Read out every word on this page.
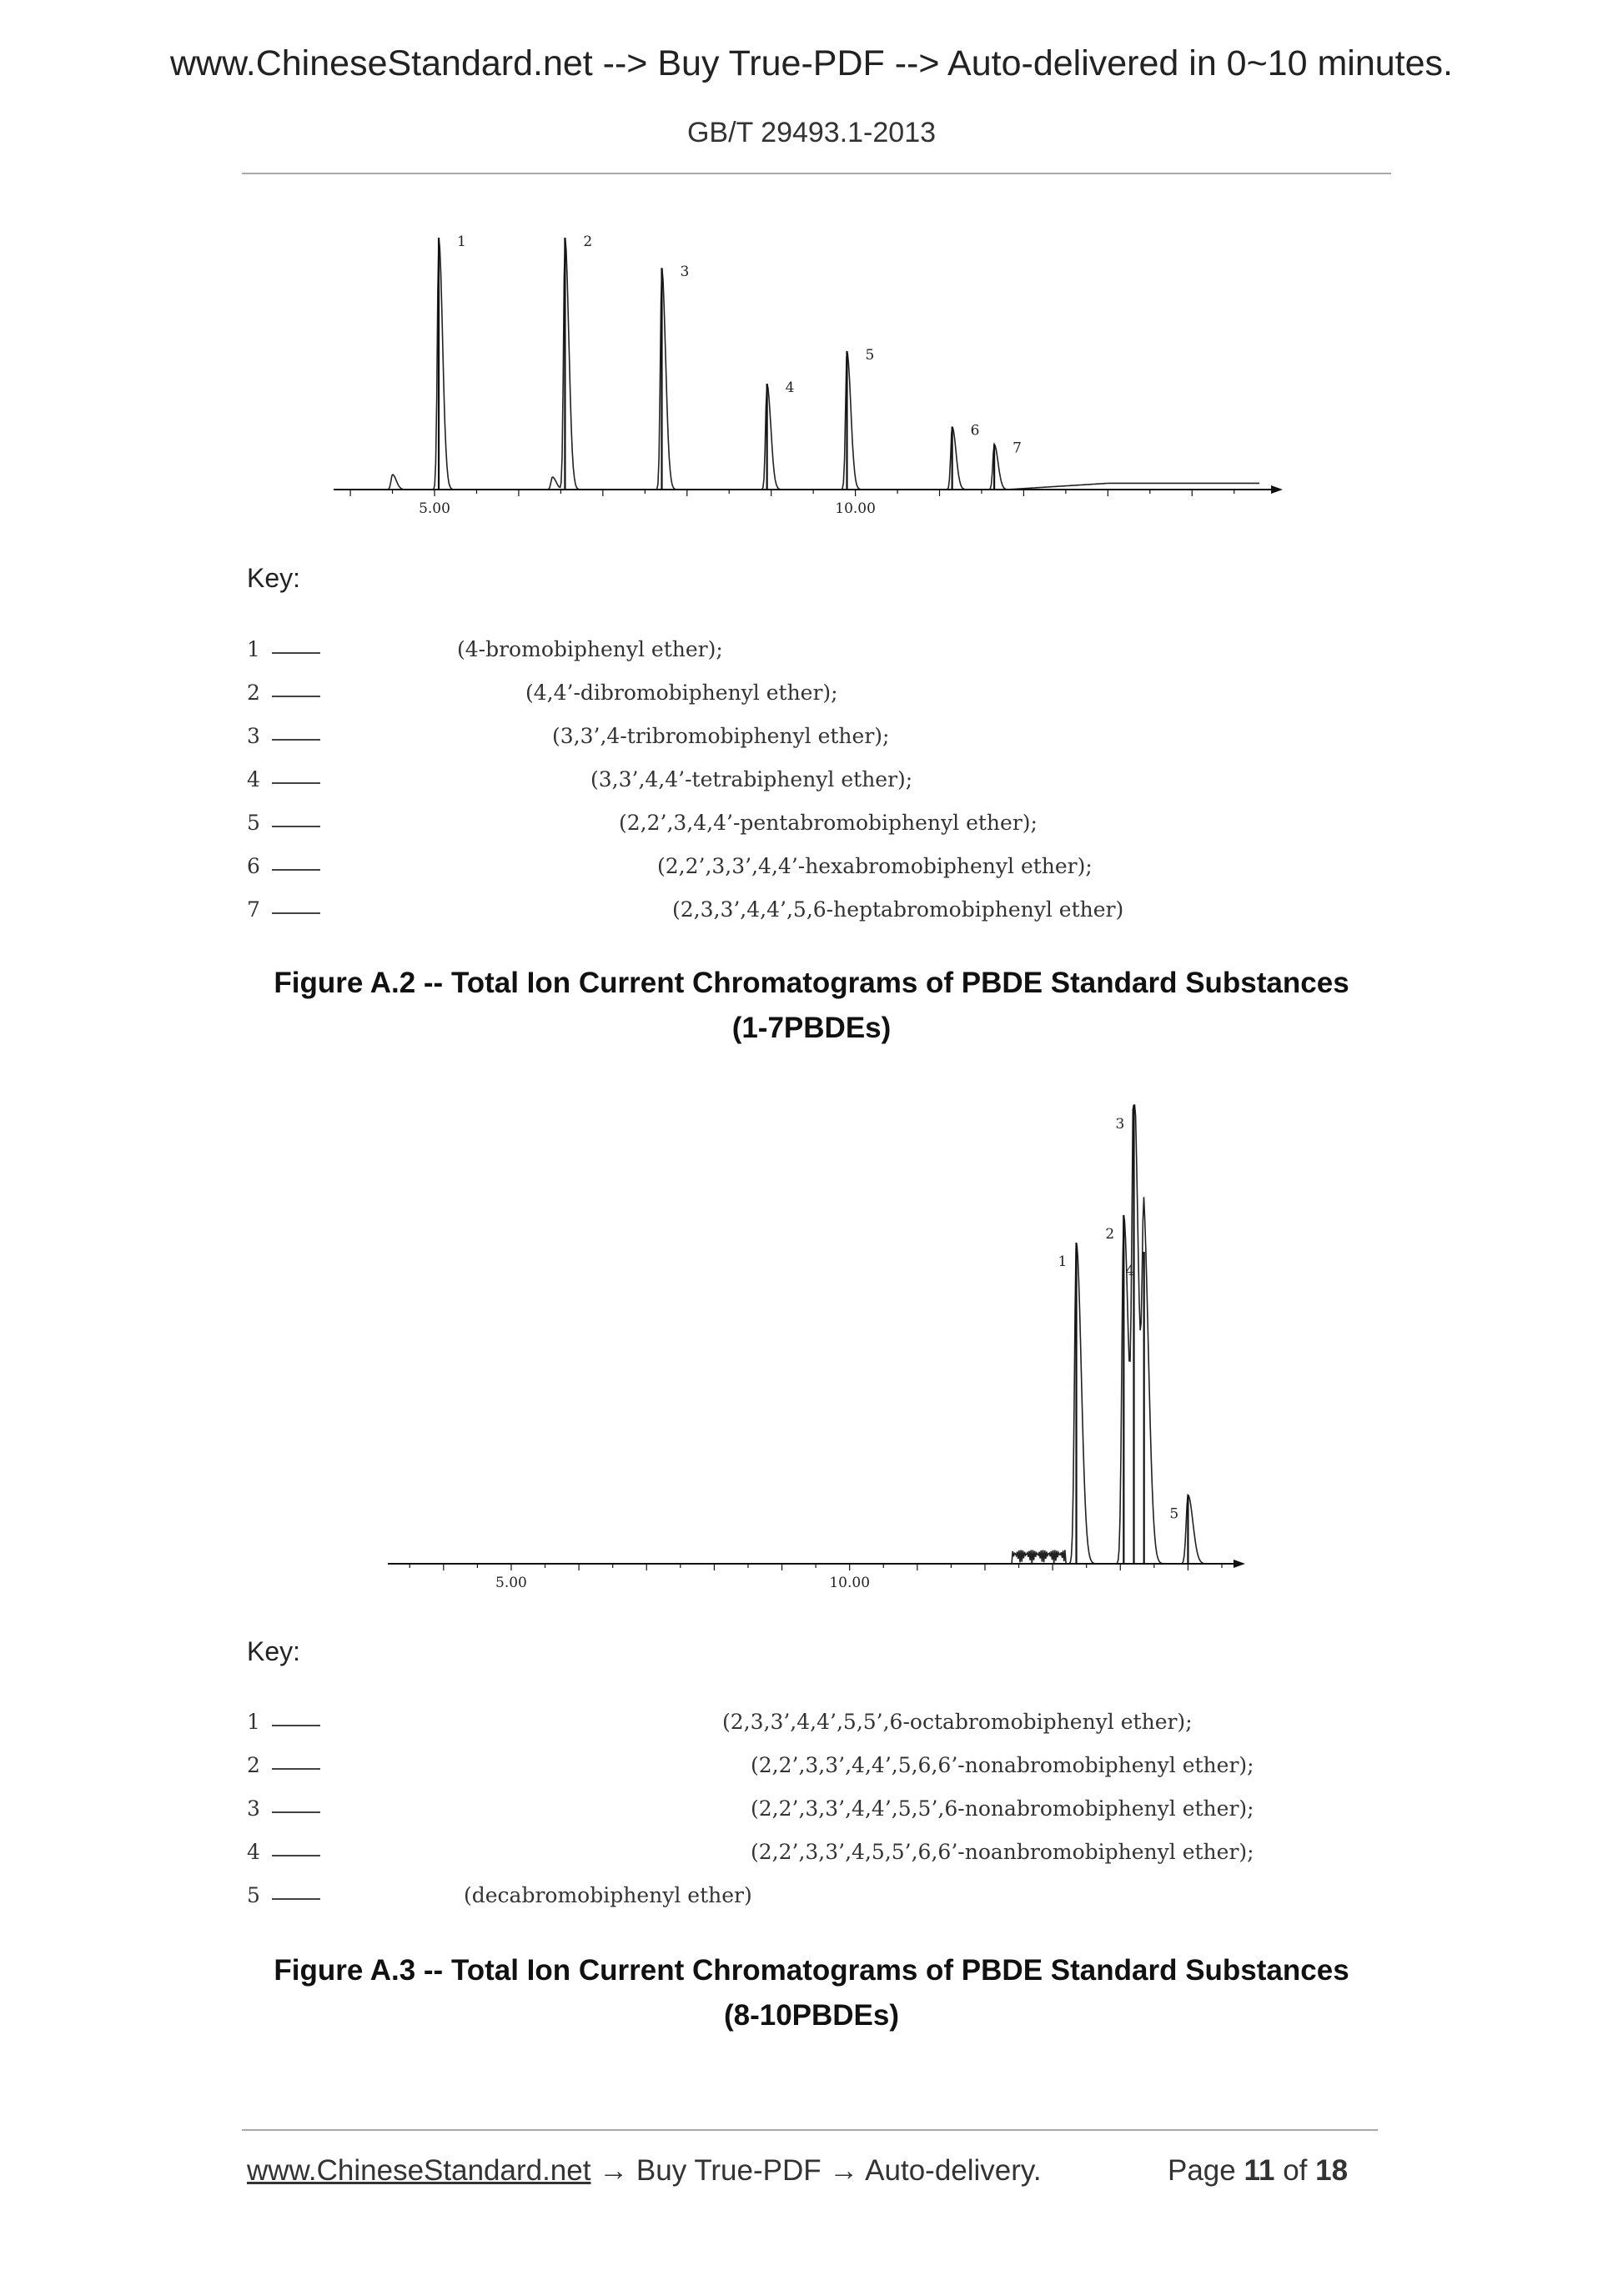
www.ChineseStandard.net --> Buy True-PDF --> Auto-delivered in 0~10 minutes.
GB/T 29493.1-2013
1	2
3
4
5
6
7
5.00	10.00
Key:
1	(4-bromobiphenyl ether);
2	(4,4’-dibromobiphenyl ether);
3	(3,3’,4-tribromobiphenyl ether);
4	(3,3’,4,4’-tetrabiphenyl ether);
5	(2,2’,3,4,4’-pentabromobiphenyl ether);
6	(2,2’,3,3’,4,4’-hexabromobiphenyl ether);
7	(2,3,3’,4,4’,5,6-heptabromobiphenyl ether)
Figure A.2 -- Total Ion Current Chromatograms of PBDE Standard Substances
(1-7PBDEs)
1
2
3
4
5
5.00	10.00
Key:
1	(2,3,3’,4,4’,5,5’,6-octabromobiphenyl ether);
2	(2,2’,3,3’,4,4’,5,6,6’-nonabromobiphenyl ether);
3	(2,2’,3,3’,4,4’,5,5’,6-nonabromobiphenyl ether);
4	(2,2’,3,3’,4,5,5’,6,6’-noanbromobiphenyl ether);
5	(decabromobiphenyl ether)
Figure A.3 -- Total Ion Current Chromatograms of PBDE Standard Substances
(8-10PBDEs)
www.ChineseStandard.net → Buy True-PDF → Auto-delivery.	Page 11 of 18
